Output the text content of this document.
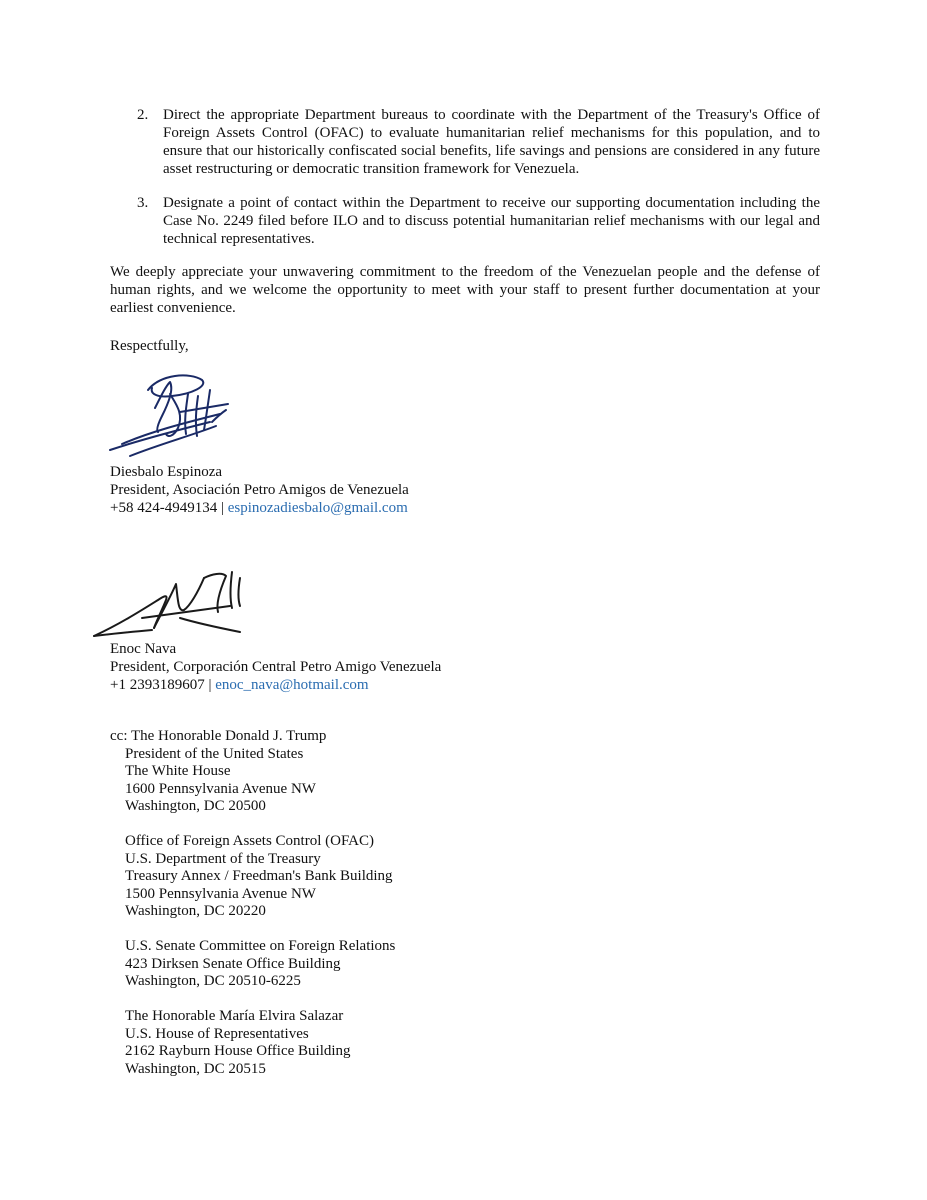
2. Direct the appropriate Department bureaus to coordinate with the Department of the Treasury's Office of Foreign Assets Control (OFAC) to evaluate humanitarian relief mechanisms for this population, and to ensure that our historically confiscated social benefits, life savings and pensions are considered in any future asset restructuring or democratic transition framework for Venezuela.
3. Designate a point of contact within the Department to receive our supporting documentation including the Case No. 2249 filed before ILO and to discuss potential humanitarian relief mechanisms with our legal and technical representatives.
We deeply appreciate your unwavering commitment to the freedom of the Venezuelan people and the defense of human rights, and we welcome the opportunity to meet with your staff to present further documentation at your earliest convenience.
Respectfully,
Diesbalo Espinoza
President, Asociación Petro Amigos de Venezuela
+58 424-4949134 | espinozadiesbalo@gmail.com
Enoc Nava
President, Corporación Central Petro Amigo Venezuela
+1 2393189607 | enoc_nava@hotmail.com
cc: The Honorable Donald J. Trump
President of the United States
The White House
1600 Pennsylvania Avenue NW
Washington, DC 20500
Office of Foreign Assets Control (OFAC)
U.S. Department of the Treasury
Treasury Annex / Freedman's Bank Building
1500 Pennsylvania Avenue NW
Washington, DC 20220
U.S. Senate Committee on Foreign Relations
423 Dirksen Senate Office Building
Washington, DC 20510-6225
The Honorable María Elvira Salazar
U.S. House of Representatives
2162 Rayburn House Office Building
Washington, DC 20515
